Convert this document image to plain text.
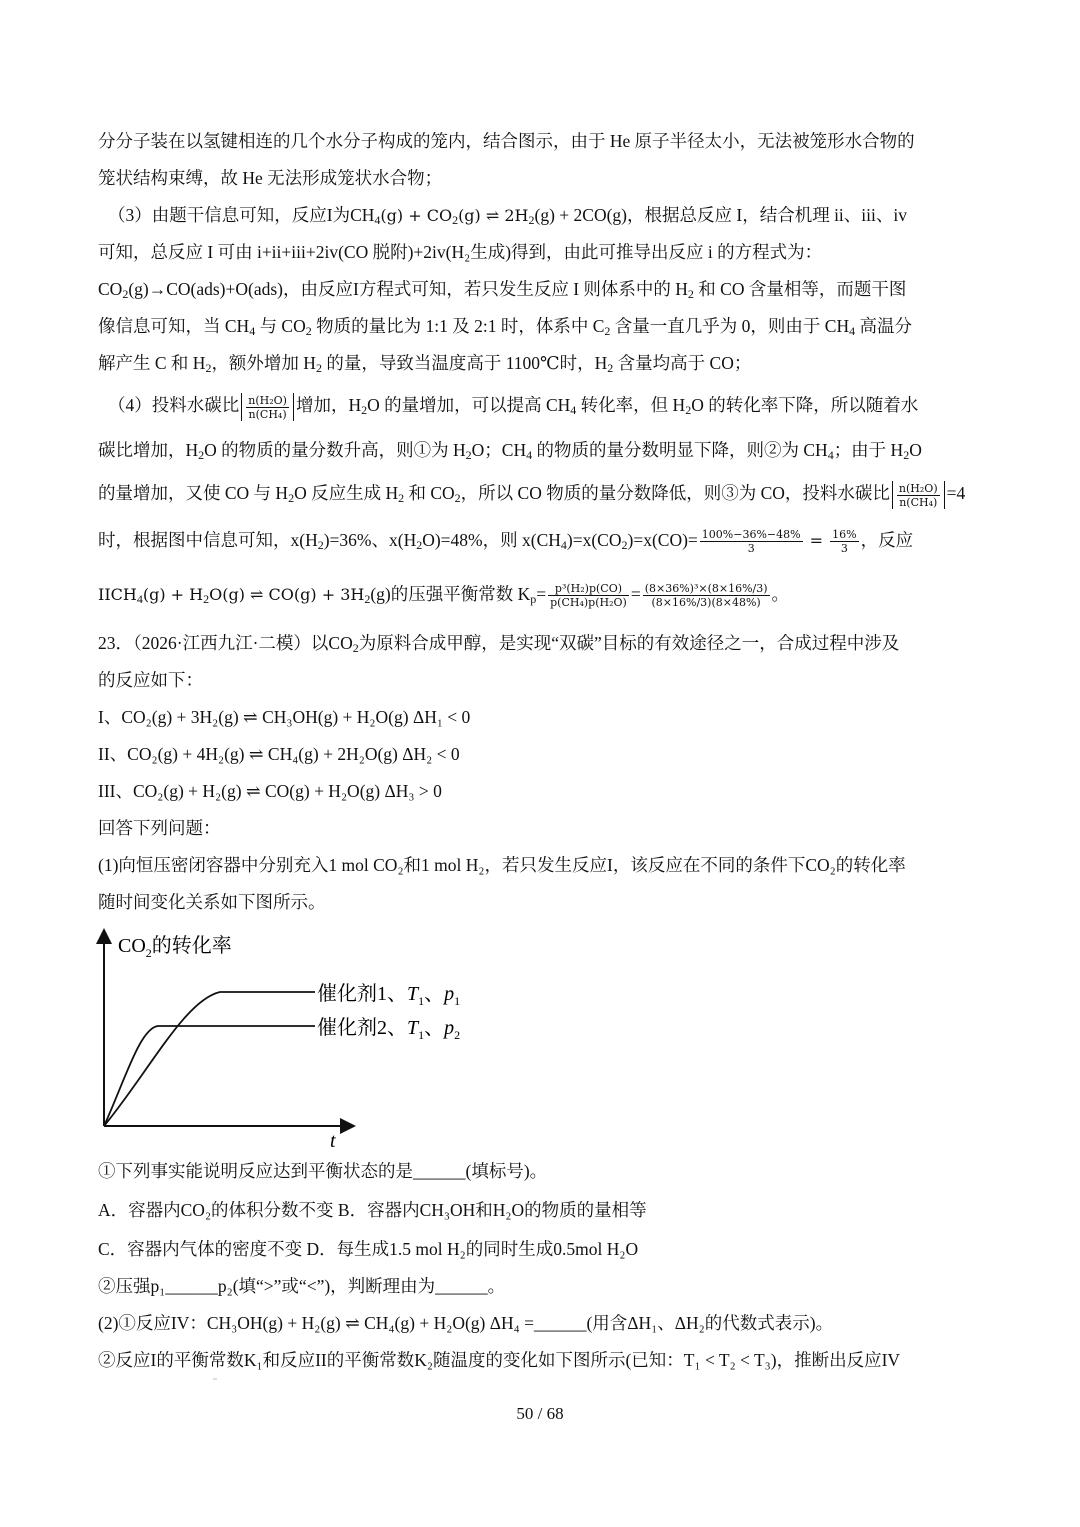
分分子装在以氢键相连的几个水分子构成的笼内，结合图示，由于 He 原子半径太小，无法被笼形水合物的
笼状结构束缚，故 He 无法形成笼状水合物；
（3）由题干信息可知，反应I为$CH_4(g) + CO_2(g)$ ⇌ $2H_2(g) + 2CO(g)$，根据总反应 I，结合机理 ii、iii、iv
可知，总反应 I 可由 i+ii+iii+2iv(CO 脱附)+2iv(H₂生成)得到，由此可推导出反应 i 的方程式为：
$CO_2(g)\to CO(ads)+O(ads)$，由反应I方程式可知，若只发生反应 I 则体系中的 $H_2$ 和 CO 含量相等，而题干图
像信息可知，当 $CH_4$ 与 $CO_2$ 物质的量比为 1:1 及 2:1 时，体系中 $C_2$ 含量一直几乎为 0，则由于 $CH_4$ 高温分
解产生 C 和 $H_2$，额外增加 $H_2$ 的量，导致当温度高于 1100℃时，$H_2$ 含量均高于 CO；
（4）投料水碳比 $\frac{\text{n(H₂O)}}{\text{n(CH₄)}}$ 增加，$H_2O$ 的量增加，可以提高 $CH_4$ 转化率，但 $H_2O$ 的转化率下降，所以随着水
碳比增加，$H_2O$ 的物质的量分数升高，则①为 $H_2O$；$CH_4$ 的物质的量分数明显下降，则②为 $CH_4$；由于 $H_2O$
的量增加，又使 CO 与 $H_2O$ 反应生成 $H_2$ 和 $CO_2$，所以 CO 物质的量分数降低，则③为 CO，投料水碳比 $\frac{\text{n(H₂O)}}{\text{n(CH₄)}} =4$
时，根据图中信息可知，$x(H_2)=36\%$、$x(H_2O)=48\%$，则 $x(CH_4)=x(CO_2)=x(CO)= \frac{100\%-36\%-48\%}{3} = \frac{16\%}{3}$ ，反应
$IICH_4(g) + H_2O(g)$ ⇌ $CO(g) + 3H_2(g)$的压强平衡常数 $K_p= \frac{\text{p³(H₂)p(CO)}}{\text{p(CH₄)p(H₂O)}} = \frac{\text{(8×36\%)³×(8×16\%/3)}}{(8\times 16\%/3)(8\times 48\%)}$ 。
23．（2026·江西九江·二模）以$CO_2$为原料合成甲醇，是实现“双碳”目标的有效途径之一，合成过程中涉及
的反应如下：
I、CO₂(g) + 3H₂(g) ⇌ CH₃OH(g) + H₂O(g) ΔH₁ < 0
II、CO₂(g) + 4H₂(g) ⇌ CH₄(g) + 2H₂O(g) ΔH₂ < 0
III、CO₂(g) + H₂(g) ⇌ CO(g) + H₂O(g) ΔH₃ > 0
回答下列问题：
(1)向恒压密闭容器中分别充入1 mol CO₂和1 mol H₂，若只发生反应I，该反应在不同的条件下CO₂的转化率
随时间变化关系如下图所示。
$CO_2$的转化率
t
催化剂1、$T_1$、$p_1$
催化剂2、$T_1$、$p_2$
①下列事实能说明反应达到平衡状态的是______(填标号)。
A．容器内CO₂的体积分数不变 B．容器内CH₃OH和H₂O的物质的量相等
C．容器内气体的密度不变 D．每生成1.5 mol H₂的同时生成0.5mol H₂O
②压强p₁______p₂(填“>”或“<”)，判断理由为______。
(2)①反应IV：CH₃OH(g) + H₂(g) ⇌ CH₄(g) + H₂O(g) ΔH₄ =______(用含ΔH₁、ΔH₂的代数式表示)。
②反应I的平衡常数K₁和反应II的平衡常数K₂随温度的变化如下图所示(已知：T₁ < T₂ < T₃)，推断出反应IV
50 / 68
